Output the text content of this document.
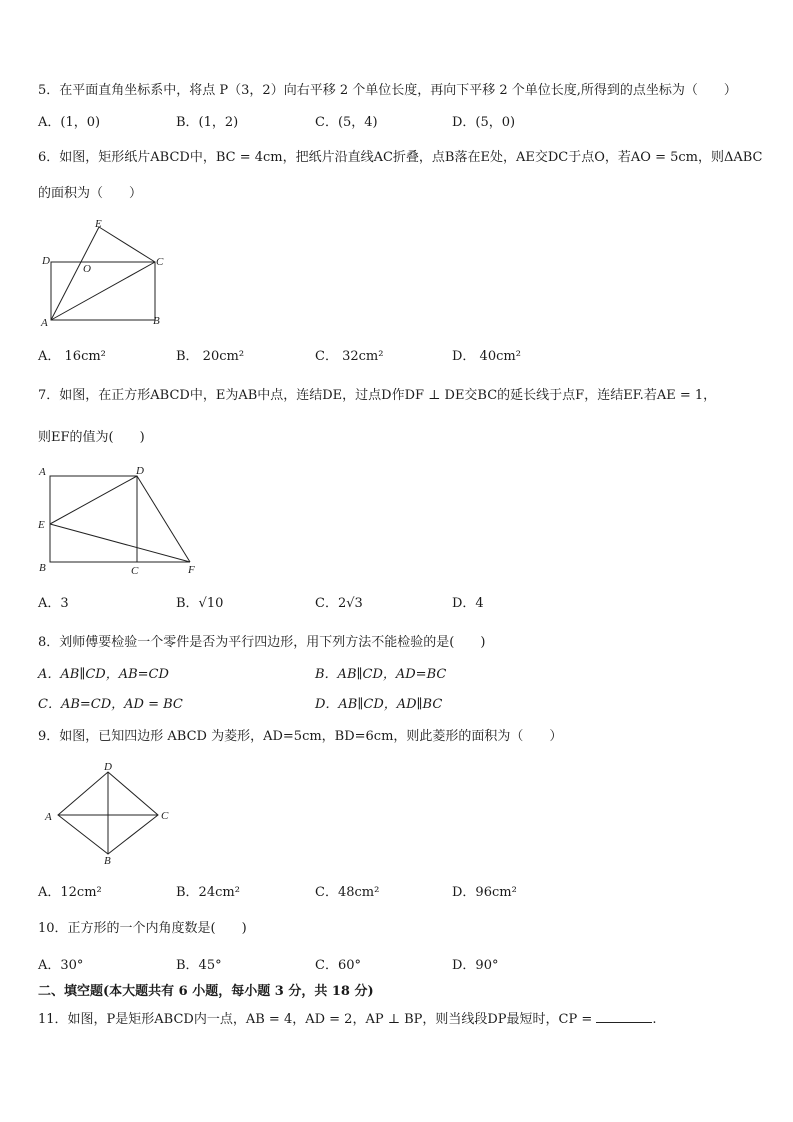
5．在平面直角坐标系中，将点 P（3，2）向右平移 2 个单位长度，再向下平移 2 个单位长度,所得到的点坐标为（　　）
A．(1，0)	B．(1，2)	C．(5，4)	D．(5，0)
6．如图，矩形纸片ABCD中，BC = 4cm，把纸片沿直线AC折叠，点B落在E处，AE交DC于点O，若AO = 5cm，则ΔABC
的面积为（　　）
E
D
O
C
A	B
A． 16cm²	B． 20cm²	C． 32cm²	D． 40cm²
7．如图，在正方形ABCD中，E为AB中点，连结DE，过点D作DF ⊥ DE交BC的延长线于点F，连结EF.若AE = 1，
则EF的值为(　　)
A	D
E
B	C	F
A．3	B．√10	C．2√3	D．4
8．刘师傅要检验一个零件是否为平行四边形，用下列方法不能检验的是(　　)
A．AB∥CD，AB=CD	B．AB∥CD，AD=BC
C．AB=CD，AD = BC	D．AB∥CD，AD∥BC
9．如图，已知四边形 ABCD 为菱形，AD=5cm，BD=6cm，则此菱形的面积为（　　）
D
A	C
B
A．12cm²	B．24cm²	C．48cm²	D．96cm²
10．正方形的一个内角度数是(　　)
A．30°	B．45°	C．60°	D．90°
二、填空题(本大题共有 6 小题，每小题 3 分，共 18 分)
11．如图，P是矩形ABCD内一点，AB = 4，AD = 2，AP ⊥ BP，则当线段DP最短时，CP =	.
